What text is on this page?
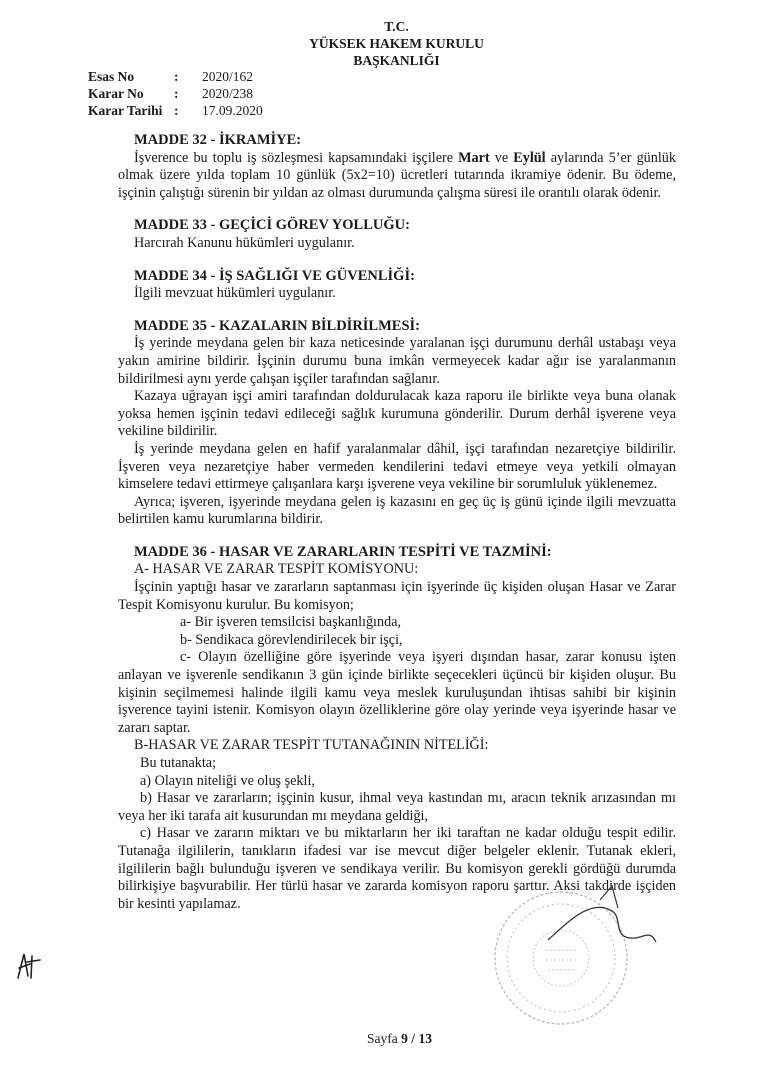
T.C.
YÜKSEK HAKEM KURULU
BAŞKANLIĞI
Esas No	:	2020/162
Karar No	:	2020/238
Karar Tarihi :	17.09.2020
MADDE 32 - İKRAMİYE:
İşverence bu toplu iş sözleşmesi kapsamındaki işçilere Mart ve Eylül aylarında 5’er günlük olmak üzere yılda toplam 10 günlük (5x2=10) ücretleri tutarında ikramiye ödenir. Bu ödeme, işçinin çalıştığı sürenin bir yıldan az olması durumunda çalışma süresi ile orantılı olarak ödenir.
MADDE 33 - GEÇİCİ GÖREV YOLLUĞU:
Harcırah Kanunu hükümleri uygulanır.
MADDE 34 - İŞ SAĞLIĞI VE GÜVENLİĞİ:
İlgili mevzuat hükümleri uygulanır.
MADDE 35 - KAZALARIN BİLDİRİLMESİ:
İş yerinde meydana gelen bir kaza neticesinde yaralanan işçi durumunu derhâl ustabaşı veya yakın amirine bildirir. İşçinin durumu buna imkân vermeyecek kadar ağır ise yaralanmanın bildirilmesi aynı yerde çalışan işçiler tarafından sağlanır.
Kazaya uğrayan işçi amiri tarafından doldurulacak kaza raporu ile birlikte veya buna olanak yoksa hemen işçinin tedavi edileceği sağlık kurumuna gönderilir. Durum derhâl işverene veya vekiline bildirilir.
İş yerinde meydana gelen en hafif yaralanmalar dâhil, işçi tarafından nezaretçiye bildirilir. İşveren veya nezaretçiye haber vermeden kendilerini tedavi etmeye veya yetkili olmayan kimselere tedavi ettirmeye çalışanlara karşı işverene veya vekiline bir sorumluluk yüklenemez.
Ayrıca; işveren, işyerinde meydana gelen iş kazasını en geç üç iş günü içinde ilgili mevzuatta belirtilen kamu kurumlarına bildirir.
MADDE 36 - HASAR VE ZARARLARIN TESPİTİ VE TAZMİNİ:
A- HASAR VE ZARAR TESPİT KOMİSYONU:
İşçinin yaptığı hasar ve zararların saptanması için işyerinde üç kişiden oluşan Hasar ve Zarar Tespit Komisyonu kurulur. Bu komisyon;
a- Bir işveren temsilcisi başkanlığında,
b- Sendikaca görevlendirilecek bir işçi,
c- Olayın özelliğine göre işyerinde veya işyeri dışından hasar, zarar konusu işten anlayan ve işverenle sendikanın 3 gün içinde birlikte seçecekleri üçüncü bir kişiden oluşur. Bu kişinin seçilmemesi halinde ilgili kamu veya meslek kuruluşundan ihtisas sahibi bir kişinin işverence tayini istenir. Komisyon olayın özelliklerine göre olay yerinde veya işyerinde hasar ve zararı saptar.
B-HASAR VE ZARAR TESPİT TUTANAĞININ NİTELİĞİ:
Bu tutanakta;
a) Olayın niteliği ve oluş şekli,
b) Hasar ve zararların; işçinin kusur, ihmal veya kastından mı, aracın teknik arızasından mı veya her iki tarafa ait kusurundan mı meydana geldiği,
c) Hasar ve zararın miktarı ve bu miktarların her iki taraftan ne kadar olduğu tespit edilir. Tutanağa ilgililerin, tanıkların ifadesi var ise mevcut diğer belgeler eklenir. Tutanak ekleri, ilgililerin bağlı bulunduğu işveren ve sendikaya verilir. Bu komisyon gerekli gördüğü durumda bilirkişiye başvurabilir. Her türlü hasar ve zararda komisyon raporu şarttır. Aksi takdirde işçiden bir kesinti yapılamaz.
Sayfa 9 / 13
